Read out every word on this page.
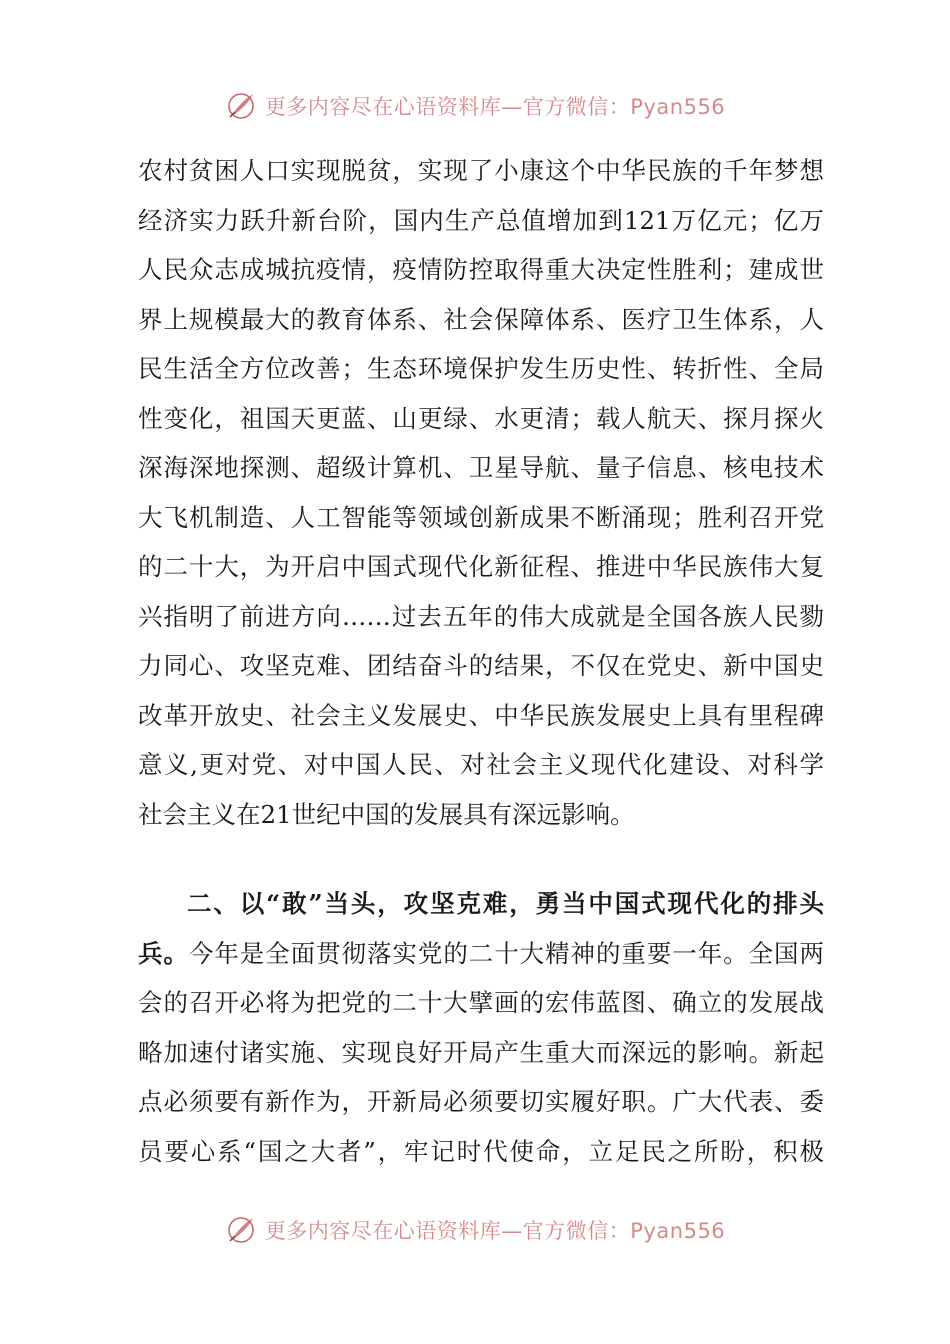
更多内容尽在心语资料库—官方微信：Pyan556

农村贫困人口实现脱贫，实现了小康这个中华民族的千年梦想

经济实力跃升新台阶，国内生产总值增加到121万亿元；亿万

人民众志成城抗疫情，疫情防控取得重大决定性胜利；建成世

界上规模最大的教育体系、社会保障体系、医疗卫生体系，人

民生活全方位改善；生态环境保护发生历史性、转折性、全局

性变化，祖国天更蓝、山更绿、水更清；载人航天、探月探火

深海深地探测、超级计算机、卫星导航、量子信息、核电技术

大飞机制造、人工智能等领域创新成果不断涌现；胜利召开党

的二十大，为开启中国式现代化新征程、推进中华民族伟大复

兴指明了前进方向……过去五年的伟大成就是全国各族人民勠

力同心、攻坚克难、团结奋斗的结果，不仅在党史、新中国史

改革开放史、社会主义发展史、中华民族发展史上具有里程碑

意义,更对党、对中国人民、对社会主义现代化建设、对科学

社会主义在21世纪中国的发展具有深远影响。

二、以“敢”当头，攻坚克难，勇当中国式现代化的排头

兵。今年是全面贯彻落实党的二十大精神的重要一年。全国两

会的召开必将为把党的二十大擘画的宏伟蓝图、确立的发展战

略加速付诸实施、实现良好开局产生重大而深远的影响。新起

点必须要有新作为，开新局必须要切实履好职。广大代表、委

员要心系“国之大者”，牢记时代使命，立足民之所盼，积极

更多内容尽在心语资料库—官方微信：Pyan556
